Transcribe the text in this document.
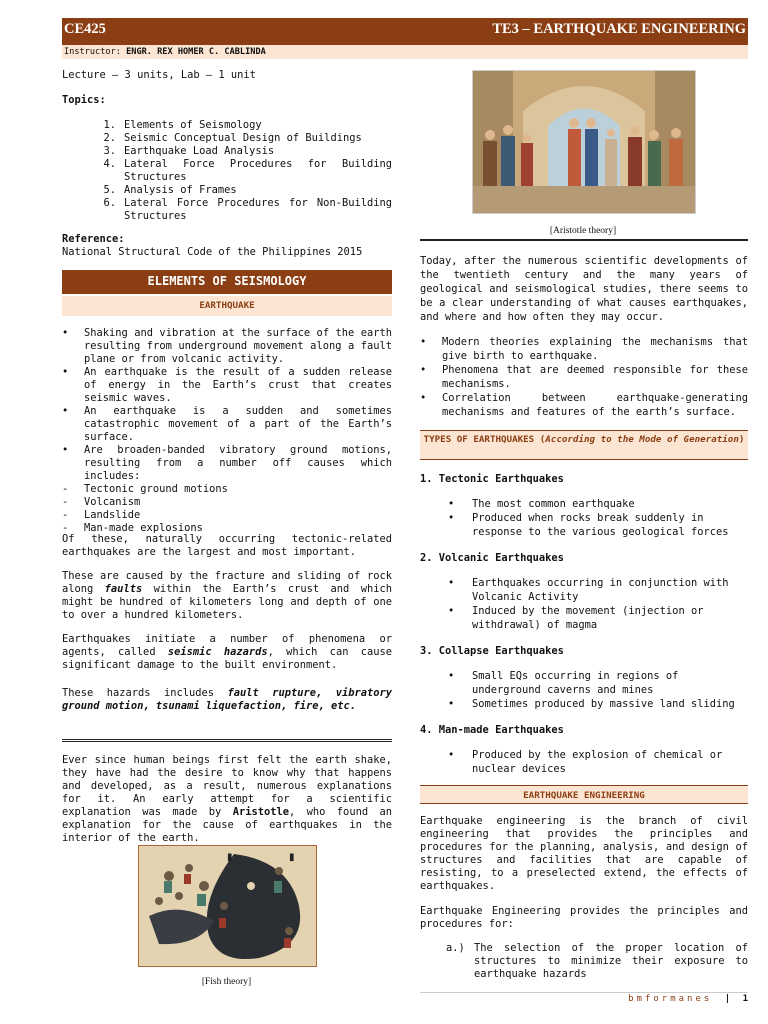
CE425	TE3 – EARTHQUAKE ENGINEERING
Instructor: ENGR. REX HOMER C. CABLINDA

Lecture – 3 units, Lab – 1 unit

Topics:

1. Elements of Seismology
2. Seismic Conceptual Design of Buildings
3. Earthquake Load Analysis
4. Lateral Force Procedures for Building Structures
5. Analysis of Frames
6. Lateral Force Procedures for Non-Building Structures

Reference:

National Structural Code of the Philippines 2015

ELEMENTS OF SEISMOLOGY
EARTHQUAKE
• Shaking and vibration at the surface of the earth resulting from underground movement along a fault plane or from volcanic activity.
• An earthquake is the result of a sudden release of energy in the Earth’s crust that creates seismic waves.
• An earthquake is a sudden and sometimes catastrophic movement of a part of the Earth’s surface.
• Are broaden-banded vibratory ground motions, resulting from a number off causes which includes:
- Tectonic ground motions
- Volcanism
- Landslide
- Man-made explosions

Of these, naturally occurring tectonic-related earthquakes are the largest and most important.

These are caused by the fracture and sliding of rock along faults within the Earth’s crust and which might be hundred of kilometers long and depth of one to over a hundred kilometers.

Earthquakes initiate a number of phenomena or agents, called seismic hazards, which can cause significant damage to the built environment.

These hazards includes fault rupture, vibratory ground motion, tsunami liquefaction, fire, etc.

Ever since human beings first felt the earth shake, they have had the desire to know why that happens and developed, as a result, numerous explanations for it. An early attempt for a scientific explanation was made by Aristotle, who found an explanation for the cause of earthquakes in the interior of the earth.

▮	▮
[Fish theory]
[Aristotle theory]

Today, after the numerous scientific developments of the twentieth century and the many years of geological and seismological studies, there seems to be a clear understanding of what causes earthquakes, and where and how often they may occur.

• Modern theories explaining the mechanisms that give birth to earthquake.
• Phenomena that are deemed responsible for these mechanisms.
• Correlation between earthquake-generating mechanisms and features of the earth’s surface.
TYPES OF EARTHQUAKES (According to the Mode of Generation)
1. Tectonic Earthquakes
• The most common earthquake
• Produced when rocks break suddenly in response to the various geological forces
2. Volcanic Earthquakes
• Earthquakes occurring in conjunction with Volcanic Activity
• Induced by the movement (injection or withdrawal) of magma
3. Collapse Earthquakes
• Small EQs occurring in regions of underground caverns and mines
• Sometimes produced by massive land sliding
4. Man-made Earthquakes
• Produced by the explosion of chemical or nuclear devices
EARTHQUAKE ENGINEERING

Earthquake engineering is the branch of civil engineering that provides the principles and procedures for the planning, analysis, and design of structures and facilities that are capable of resisting, to a preselected extend, the effects of earthquakes.

Earthquake Engineering provides the principles and procedures for:

a.) The selection of the proper location of structures to minimize their exposure to earthquake hazards
bmformanes | 1
